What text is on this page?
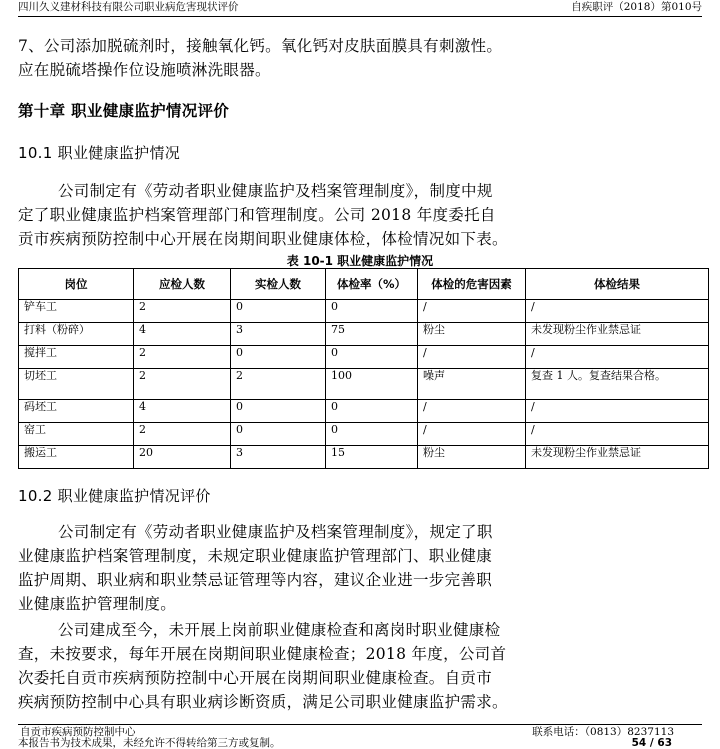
四川久义建材科技有限公司职业病危害现状评价	自疾职评（2018）第010号
7、公司添加脱硫剂时，接触氧化钙。氧化钙对皮肤面膜具有刺激性。
应在脱硫塔操作位设施喷淋洗眼器。
第十章 职业健康监护情况评价
10.1 职业健康监护情况
公司制定有《劳动者职业健康监护及档案管理制度》，制度中规
定了职业健康监护档案管理部门和管理制度。公司 2018 年度委托自
贡市疾病预防控制中心开展在岗期间职业健康体检，体检情况如下表。
表 10-1 职业健康监护情况
岗位	应检人数	实检人数	体检率（%）	体检的危害因素	体检结果
铲车工	2	0	0	/	/
打料（粉碎）	4	3	75	粉尘	未发现粉尘作业禁忌证
搅拌工	2	0	0	/	/
切坯工	2	2	100	噪声	复查 1 人。复查结果合格。
码坯工	4	0	0	/	/
窑工	2	0	0	/	/
搬运工	20	3	15	粉尘	未发现粉尘作业禁忌证
10.2 职业健康监护情况评价
公司制定有《劳动者职业健康监护及档案管理制度》，规定了职
业健康监护档案管理制度，未规定职业健康监护管理部门、职业健康
监护周期、职业病和职业禁忌证管理等内容，建议企业进一步完善职
业健康监护管理制度。
公司建成至今，未开展上岗前职业健康检查和离岗时职业健康检
查，未按要求，每年开展在岗期间职业健康检查；2018 年度，公司首
次委托自贡市疾病预防控制中心开展在岗期间职业健康检查。自贡市
疾病预防控制中心具有职业病诊断资质，满足公司职业健康监护需求。
自贡市疾病预防控制中心	联系电话：（0813）8237113
本报告书为技术成果，未经允许不得转给第三方或复制。	54 / 63
